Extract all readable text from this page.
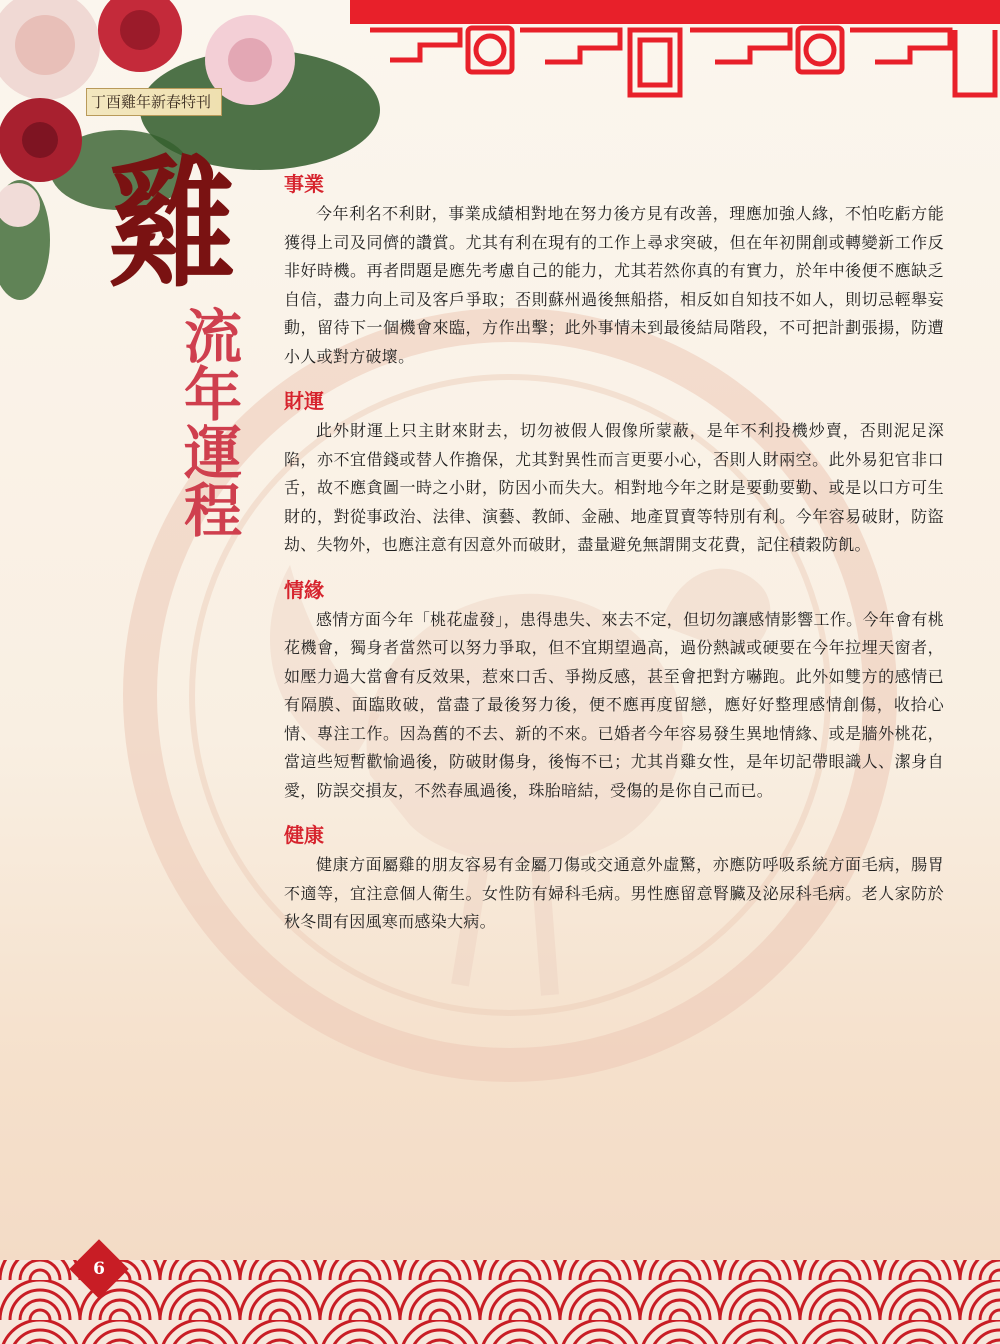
丁酉雞年新春特刊
雞
流
年
運
程
事業

今年利名不利財，事業成績相對地在努力後方見有改善，理應加強人緣，不怕吃虧方能獲得上司及同儕的讚賞。尤其有利在現有的工作上尋求突破，但在年初開創或轉變新工作反非好時機。再者問題是應先考慮自己的能力，尤其若然你真的有實力，於年中後便不應缺乏自信，盡力向上司及客戶爭取；否則蘇州過後無船搭，相反如自知技不如人，則切忌輕舉妄動，留待下一個機會來臨，方作出擊；此外事情未到最後結局階段，不可把計劃張揚，防遭小人或對方破壞。

財運

此外財運上只主財來財去，切勿被假人假像所蒙蔽，是年不利投機炒賣，否則泥足深陷，亦不宜借錢或替人作擔保，尤其對異性而言更要小心，否則人財兩空。此外易犯官非口舌，故不應貪圖一時之小財，防因小而失大。相對地今年之財是要動要勤、或是以口方可生財的，對從事政治、法律、演藝、教師、金融、地產買賣等特別有利。今年容易破財，防盜劫、失物外，也應注意有因意外而破財，盡量避免無謂開支花費，記住積穀防飢。

情緣

感情方面今年「桃花虛發」，患得患失、來去不定，但切勿讓感情影響工作。今年會有桃花機會，獨身者當然可以努力爭取，但不宜期望過高，過份熱誠或硬要在今年拉埋天窗者，如壓力過大當會有反效果，惹來口舌、爭拗反感，甚至會把對方嚇跑。此外如雙方的感情已有隔膜、面臨敗破，當盡了最後努力後，便不應再度留戀，應好好整理感情創傷，收拾心情、專注工作。因為舊的不去、新的不來。已婚者今年容易發生異地情緣、或是牆外桃花，當這些短暫歡愉過後，防破財傷身，後悔不已；尤其肖雞女性，是年切記帶眼識人、潔身自愛，防誤交損友，不然春風過後，珠胎暗結，受傷的是你自己而已。

健康

健康方面屬雞的朋友容易有金屬刀傷或交通意外虛驚，亦應防呼吸系統方面毛病，腸胃不適等，宜注意個人衛生。女性防有婦科毛病。男性應留意腎臟及泌尿科毛病。老人家防於秋冬間有因風寒而感染大病。

6
